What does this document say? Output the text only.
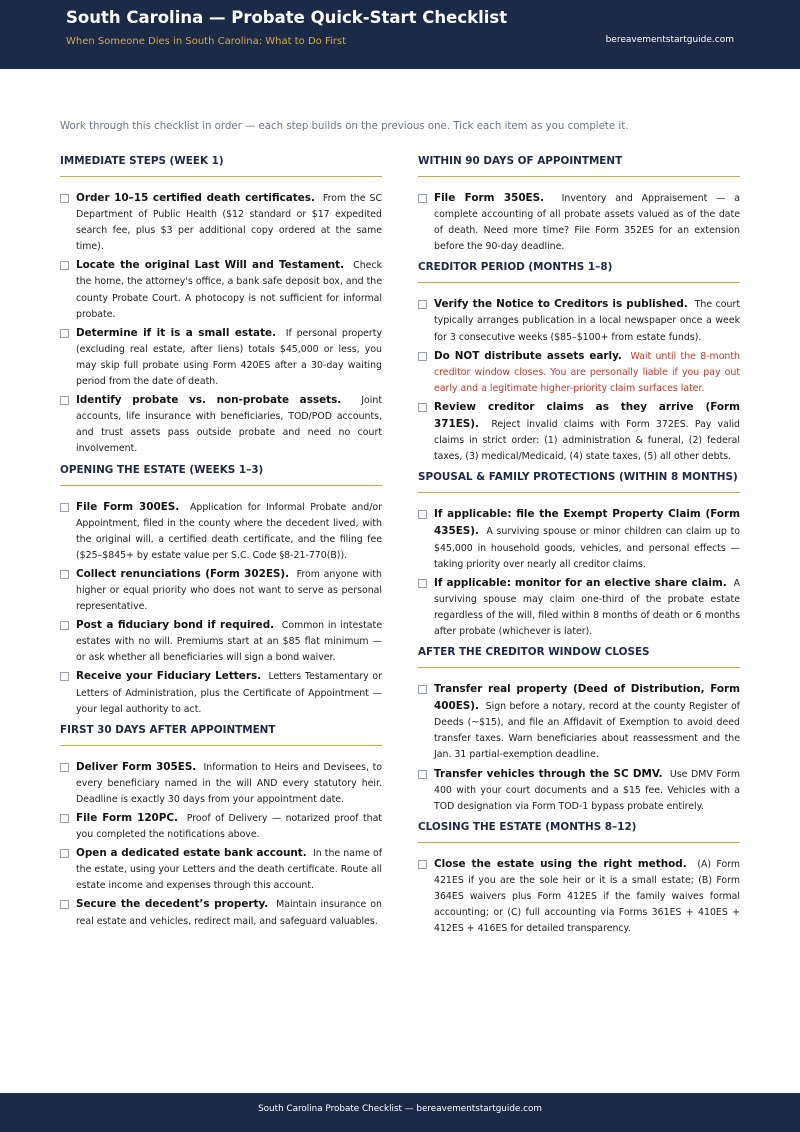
South Carolina — Probate Quick-Start Checklist
When Someone Dies in South Carolina: What to Do First	bereavementstartguide.com
Work through this checklist in order — each step builds on the previous one. Tick each item as you complete it.
IMMEDIATE STEPS (WEEK 1)
Order 10–15 certified death certificates. From the SC Department of Public Health ($12 standard or $17 expedited search fee, plus $3 per additional copy ordered at the same time).
Locate the original Last Will and Testament. Check the home, the attorney's office, a bank safe deposit box, and the county Probate Court. A photocopy is not sufficient for informal probate.
Determine if it is a small estate. If personal property (excluding real estate, after liens) totals $45,000 or less, you may skip full probate using Form 420ES after a 30-day waiting period from the date of death.
Identify probate vs. non-probate assets. Joint accounts, life insurance with beneficiaries, TOD/POD accounts, and trust assets pass outside probate and need no court involvement.
OPENING THE ESTATE (WEEKS 1–3)
File Form 300ES. Application for Informal Probate and/or Appointment, filed in the county where the decedent lived, with the original will, a certified death certificate, and the filing fee ($25–$845+ by estate value per S.C. Code §8-21-770(B)).
Collect renunciations (Form 302ES). From anyone with higher or equal priority who does not want to serve as personal representative.
Post a fiduciary bond if required. Common in intestate estates with no will. Premiums start at an $85 flat minimum — or ask whether all beneficiaries will sign a bond waiver.
Receive your Fiduciary Letters. Letters Testamentary or Letters of Administration, plus the Certificate of Appointment — your legal authority to act.
FIRST 30 DAYS AFTER APPOINTMENT
Deliver Form 305ES. Information to Heirs and Devisees, to every beneficiary named in the will AND every statutory heir. Deadline is exactly 30 days from your appointment date.
File Form 120PC. Proof of Delivery — notarized proof that you completed the notifications above.
Open a dedicated estate bank account. In the name of the estate, using your Letters and the death certificate. Route all estate income and expenses through this account.
Secure the decedent’s property. Maintain insurance on real estate and vehicles, redirect mail, and safeguard valuables.
WITHIN 90 DAYS OF APPOINTMENT
File Form 350ES. Inventory and Appraisement — a complete accounting of all probate assets valued as of the date of death. Need more time? File Form 352ES for an extension before the 90-day deadline.
CREDITOR PERIOD (MONTHS 1–8)
Verify the Notice to Creditors is published. The court typically arranges publication in a local newspaper once a week for 3 consecutive weeks ($85–$100+ from estate funds).
Do NOT distribute assets early. Wait until the 8-month creditor window closes. You are personally liable if you pay out early and a legitimate higher-priority claim surfaces later.
Review creditor claims as they arrive (Form 371ES). Reject invalid claims with Form 372ES. Pay valid claims in strict order: (1) administration & funeral, (2) federal taxes, (3) medical/Medicaid, (4) state taxes, (5) all other debts.
SPOUSAL & FAMILY PROTECTIONS (WITHIN 8 MONTHS)
If applicable: file the Exempt Property Claim (Form 435ES). A surviving spouse or minor children can claim up to $45,000 in household goods, vehicles, and personal effects — taking priority over nearly all creditor claims.
If applicable: monitor for an elective share claim. A surviving spouse may claim one-third of the probate estate regardless of the will, filed within 8 months of death or 6 months after probate (whichever is later).
AFTER THE CREDITOR WINDOW CLOSES
Transfer real property (Deed of Distribution, Form 400ES). Sign before a notary, record at the county Register of Deeds (~$15), and file an Affidavit of Exemption to avoid deed transfer taxes. Warn beneficiaries about reassessment and the Jan. 31 partial-exemption deadline.
Transfer vehicles through the SC DMV. Use DMV Form 400 with your court documents and a $15 fee. Vehicles with a TOD designation via Form TOD-1 bypass probate entirely.
CLOSING THE ESTATE (MONTHS 8–12)
Close the estate using the right method. (A) Form 421ES if you are the sole heir or it is a small estate; (B) Form 364ES waivers plus Form 412ES if the family waives formal accounting; or (C) full accounting via Forms 361ES + 410ES + 412ES + 416ES for detailed transparency.
South Carolina Probate Checklist — bereavementstartguide.com
